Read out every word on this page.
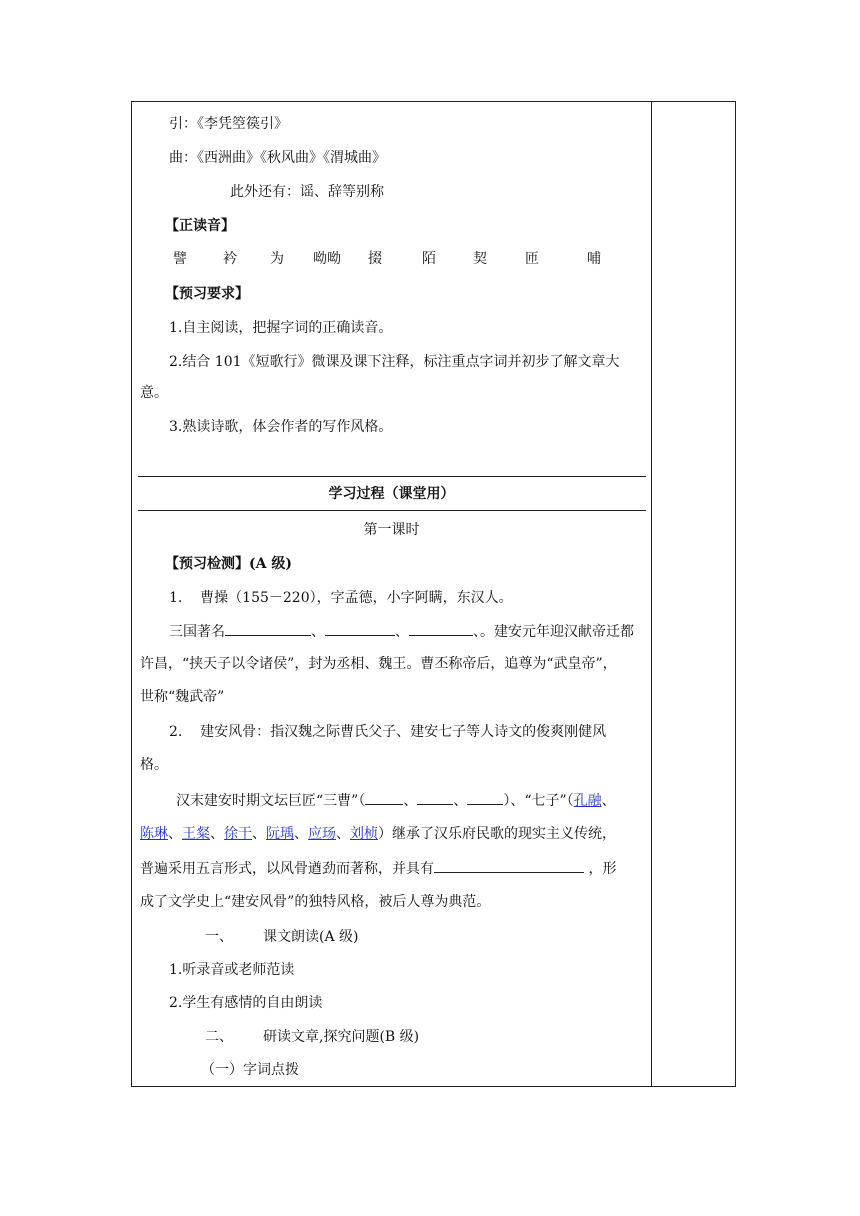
引：《李凭箜篌引》
曲：《西洲曲》《秋风曲》《渭城曲》
此外还有：谣、辞等别称
【正读音】
譬	衿 为 呦呦 掇	陌	契	匝	哺
【预习要求】
1.自主阅读，把握字词的正确读音。
2.结合 101《短歌行》微课及课下注释，标注重点字词并初步了解文章大
意。
3.熟读诗歌，体会作者的写作风格。
学习过程（课堂用）
第一课时
【预习检测】(A 级)
1. 曹操（155－220），字孟德，小字阿瞒，东汉人。
三国著名	、	、	、。建安元年迎汉献帝迁都
许昌，“挟天子以令诸侯”，封为丞相、魏王。曹丕称帝后，追尊为“武皇帝”，
世称“魏武帝”
2. 建安风骨：指汉魏之际曹氏父子、建安七子等人诗文的俊爽刚健风
格。
汉末建安时期文坛巨匠“三曹”（	、	、	）、“七子”（孔融、
陈琳、王粲、徐干、阮瑀、应玚、刘桢）继承了汉乐府民歌的现实主义传统，
普遍采用五言形式，以风骨遒劲而著称，并具有	，形
成了文学史上“建安风骨”的独特风格，被后人尊为典范。
一、 课文朗读(A 级)
1.听录音或老师范读
2.学生有感情的自由朗读
二、 研读文章,探究问题(B 级)
（一）字词点拨
